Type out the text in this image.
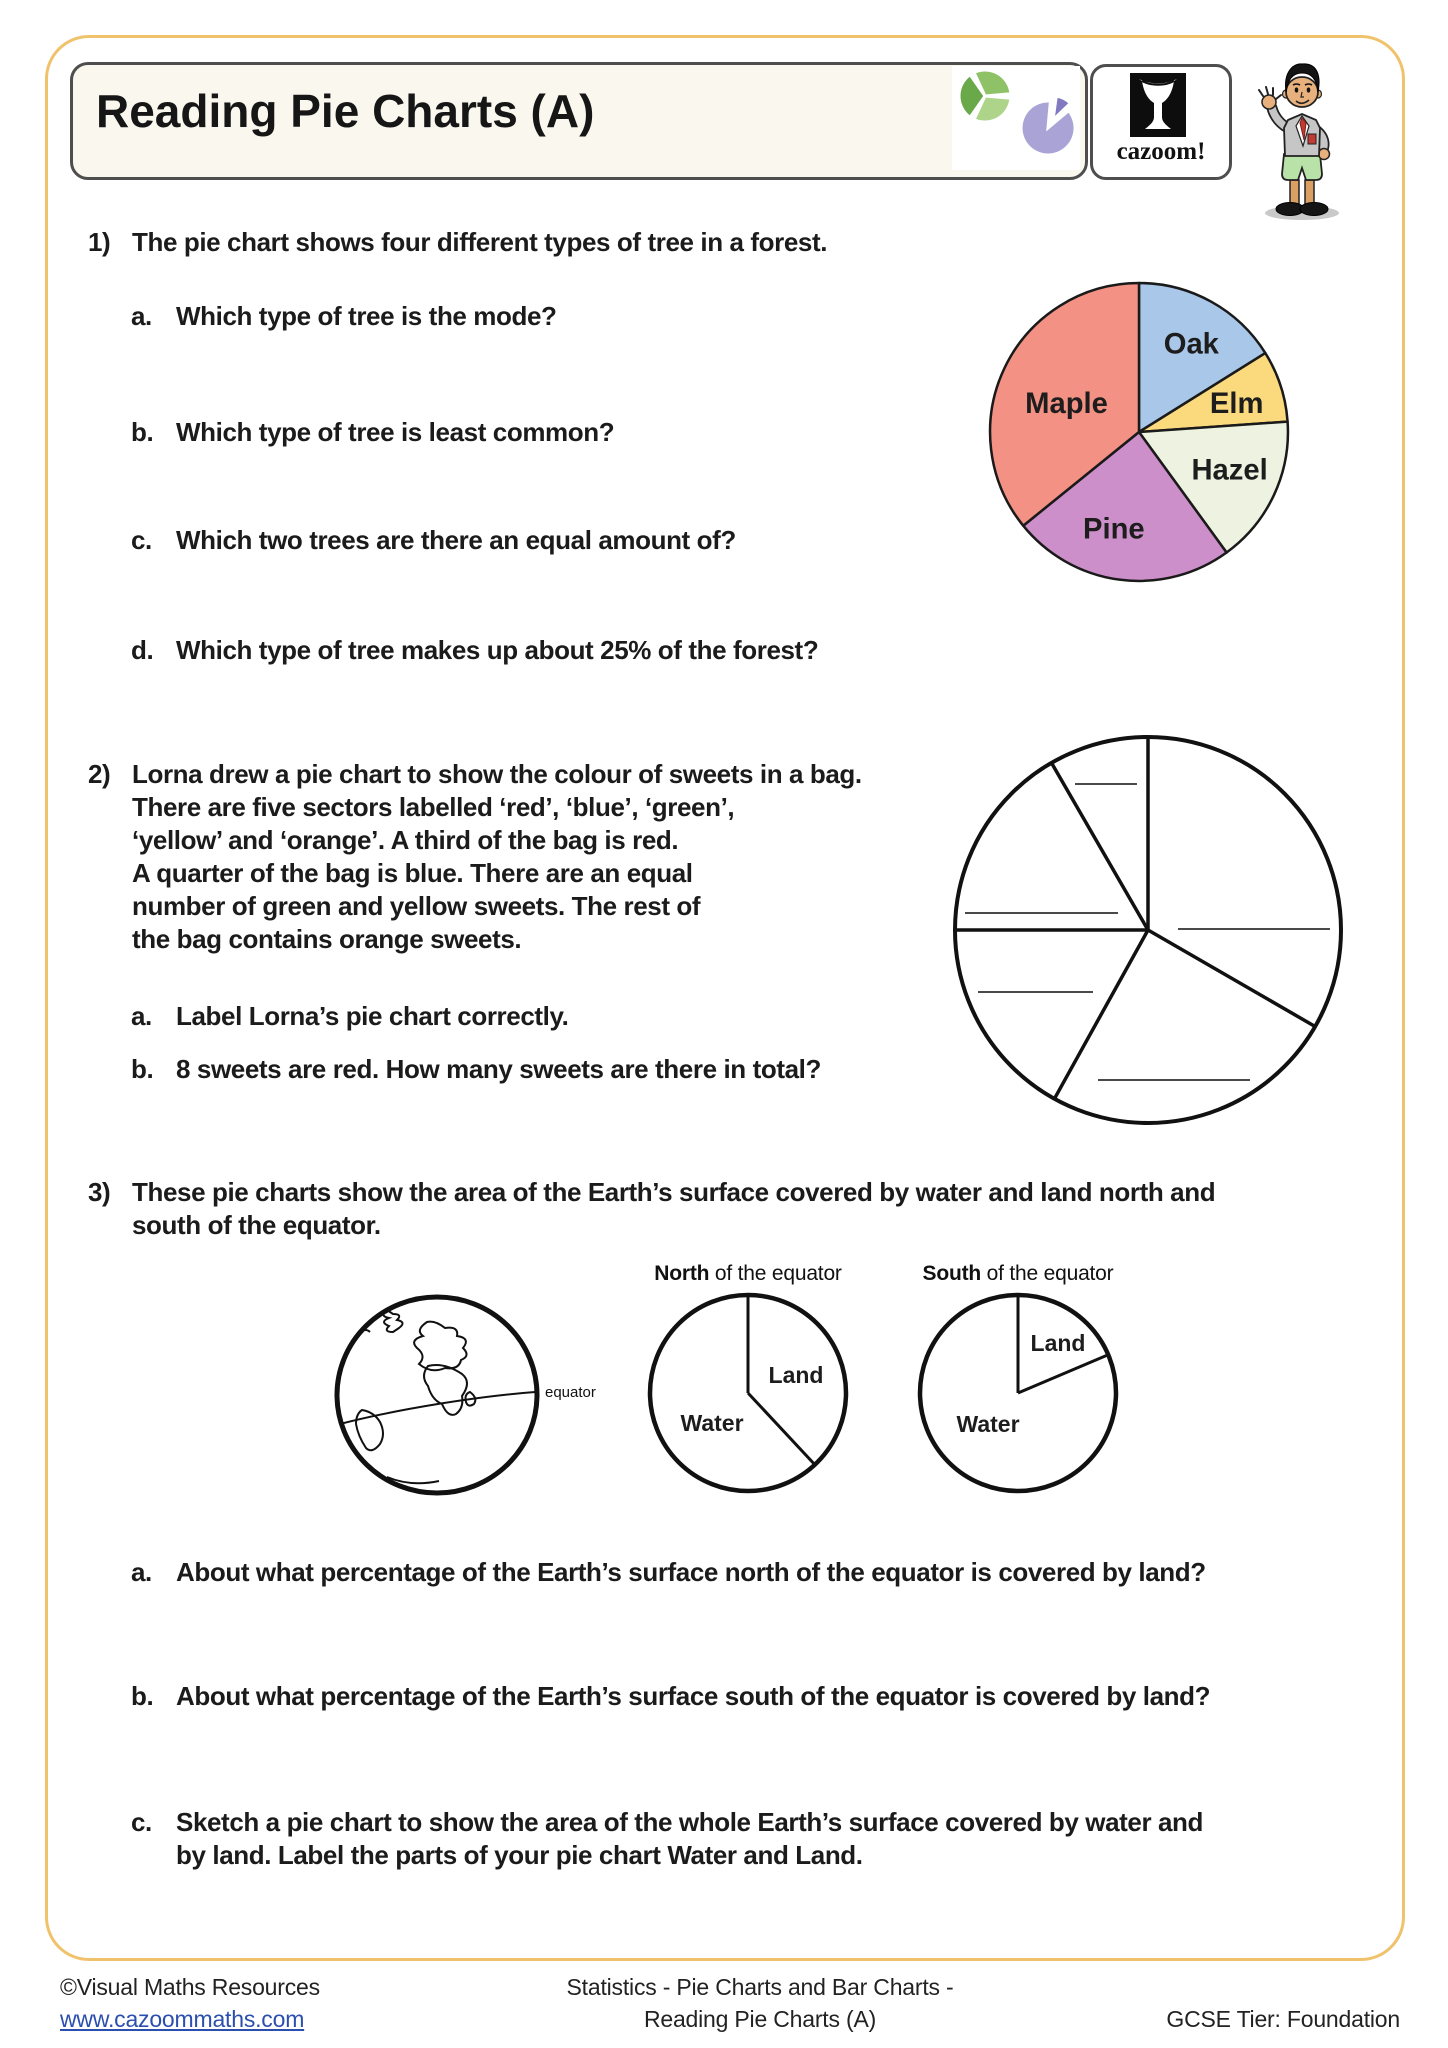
Reading Pie Charts (A)
cazoom!
1) The pie chart shows four different types of tree in a forest.
a. Which type of tree is the mode?
b. Which type of tree is least common?
c. Which two trees are there an equal amount of?
d. Which type of tree makes up about 25% of the forest?
Oak
Elm
Hazel
Pine
Maple
2) Lorna drew a pie chart to show the colour of sweets in a bag.
There are five sectors labelled ‘red’, ‘blue’, ‘green’,
‘yellow’ and ‘orange’. A third of the bag is red.
A quarter of the bag is blue. There are an equal
number of green and yellow sweets. The rest of
the bag contains orange sweets.
a. Label Lorna’s pie chart correctly.
b. 8 sweets are red. How many sweets are there in total?
3) These pie charts show the area of the Earth’s surface covered by water and land north and
south of the equator.
equator
North of the equator
Land
Water
South of the equator
Land
Water
a. About what percentage of the Earth’s surface north of the equator is covered by land?
b. About what percentage of the Earth’s surface south of the equator is covered by land?
c. Sketch a pie chart to show the area of the whole Earth’s surface covered by water and
by land. Label the parts of your pie chart Water and Land.
©Visual Maths Resources
www.cazoommaths.com
Statistics - Pie Charts and Bar Charts -
Reading Pie Charts (A)	GCSE Tier: Foundation
